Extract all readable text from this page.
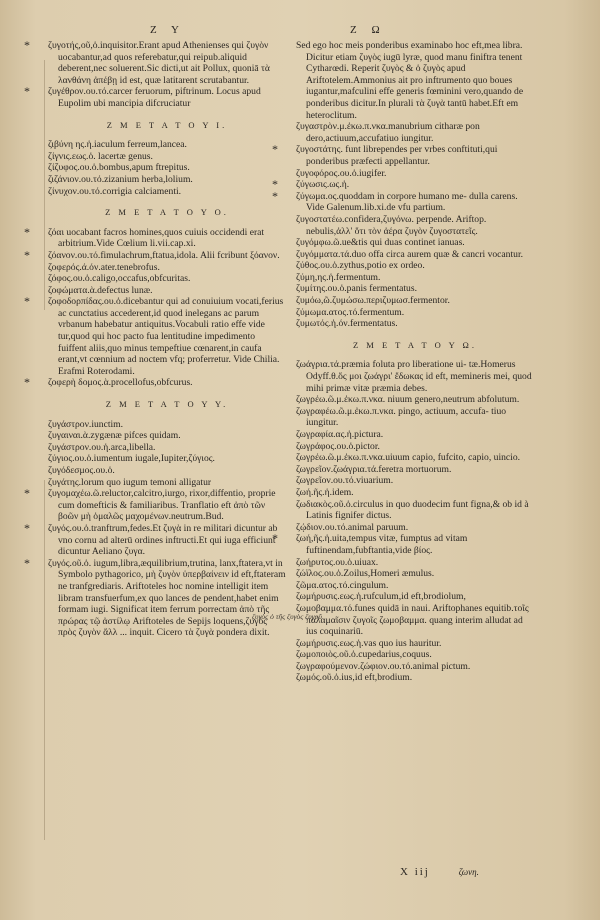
Z Y	Z Ω

* ζυγοτής,οῦ,ὁ.inquisitor.Erant apud Athenienses qui ζυγὸν uocabantur,ad quos referebatur,qui reipub.aliquid deberent,nec soluerent.Sic dicti,ut ait Pollux, quoniā τὰ λανθάνη ἀπέβῃ id est, quæ latitarent scrutabantur.

* ζυγέθρον.ου.τό.carcer feruorum, piftrinum. Locus apud Eupolim ubi mancipia difcruciatur

Z M E T A T O Y I.

ζιβύνη ης.ἡ.iaculum ferreum,lancea.

ζίγνις.εως.ὁ. lacertæ genus.

ζίζυφος.ου.ὁ.bombus,apum ftrepitus.

ζιζάνιον.ου.τό.zizanium herba,lolium.

ζίνυχον.ου.τό.corrigia calciamenti.

Z M E T A T O Y O.

* ζόαι uocabant facros homines,quos cuiuis occidendi erat arbitrium.Vide Cœlium li.vii.cap.xi.

* ζόανον.ου.τό.fimulachrum,ftatua,idola. Alii fcribunt ξόανον.

ζοφερός.ά.όν.ater.tenebrofus.

ζόφος.ου.ὁ.caligo,occafus,obfcuritas.

ζοφώματα.ὰ.defectus lunæ.

* ζοφοδορπίδας.ου.ὁ.dicebantur qui ad conuiuium vocati,ferius ac cunctatius accederent,id quod inelegans ac parum vrbanum habebatur antiquitus.Vocabuli ratio effe vide tur,quod qui hoc pacto fua lentitudine impedimento fuiffent aliis,quo minus tempeftiue cœnarent,in caufa erant,vt cœnnium ad noctem vfq; proferretur. Vide Chilia. Erafmi Roterodami.

* ζοφερὴ δομος.ὰ.procellofus,obfcurus.

Z M E T A T O Y Y.

ζυγάστρον.iunctim.

ζυγαιναι.ὰ.zygænæ pifces quidam.

ζυγάστρον.ου.ἡ.arca,libella.

ζύγιος.ου.ὁ.iumentum iugale,Iupiter,ζύγιος.

ζυγόδεσμος.ου.ὁ.

ζυγάτης.lorum quo iugum temoni alligatur

* ζυγομαχέω.ῶ.reluctor,calcitro,iurgo, rixor,diffentio, proprie cum domefticis & familiaribus. Tranflatio eft ἀπὸ τῶν βοῶν μὴ ὁμαλῶς μαχομένων.neutrum.Bud.

* ζυγός.ου.ὁ.tranftrum,fedes.Et ζυγὰ in re militari dicuntur ab vno cornu ad alterū ordines inftructi.Et qui iuga efficiunt dicuntur Aeliano ζυγα.

* ζυγός.οῦ.ὁ. iugum,libra,æquilibrium,trutina, lanx,ftatera,vt in Symbolo pythagorico, μὴ ζυγὸν ὑπερβαίνειν id eft,ftateram ne tranfgrediaris. Ariftoteles hoc nomine intelligit item libram transfuerfum,ex quo lances de pendent,habet enim formam iugi. Significat item ferrum porrectam ἀπὸ τῆς πρώρας τῷ ἀστίλῳ Ariftoteles de Sepijs loquens,ζυγὸς πρὸς ζυγὸν ἄλλ ... inquit. Cicero τὰ ζυγὰ pondera dixit.

ζυγὸς ὁ τῆς ζυγὸς ζυγοῦ

Sed ego hoc meis ponderibus examinabo hoc eft,mea libra. Dicitur etiam ζυγὸς iugū lyræ, quod manu finiftra tenent Cytharœdi. Reperit ζυγὸς & ὁ ζυγὸς apud Ariftotelem.Ammonius ait pro inftrumento quo boues iugantur,mafculini effe generis fœminini vero,quando de ponderibus dicitur.In plurali τὰ ζυγὰ tantū habet.Eft em heteroclitum.

ζυγαστρὸν.μ.ἐκω.π.νκα.manubrium citharæ pon dero,actiuum,accufatiuo iungitur.

* ζυγοστάτης. funt librependes per vrbes conftituti,qui ponderibus præfecti appellantur.

ζυγοφόρος.ου.ὁ.iugifer.

* ζύγωσις.ως.ἡ.

* ζύγωμα.ος.quoddam in corpore humano me- dulla carens. Vide Galenum.lib.xi.de vfu partium.

ζυγοστατέω.confidera,ζυγόνω. perpende. Ariftop. nebulis,ἀλλ' ὅτι τὸν ἀέρα ζυγὸν ζυγοστατεῖς.

ζυγόμφω.ῶ.ue&tis qui duas continet ianuas.

ζυγόμματα.τά.duo offa circa aurem quæ & cancri vocantur.

ζύθος.ου.ὁ.zythus,potio ex ordeo.

ζύμη,ης.ἡ.fermentum.

ζυμίτης.ου.ὁ.panis fermentatus.

ζυμόω,ῶ.ζυμώσω.περιζυμωσ.fermentor.

ζύμωμα.ατος.τό.fermentum.

ζυμωτός.ἡ.όν.fermentatus.

Z M E T A T O Y Ω.

ζωάγρια.τά.præmia foluta pro liberatione ui- tæ.Homerus Odyff.θ.ὅς μοι ζωάγρι' ἔδωκας id eft, memineris mei, quod mihi primæ vitæ præmia debes.

ζωγρέω.ῶ.μ.ἐκω.π.νκα. niuum genero,neutrum abfolutum.

ζωγραφέω.ῶ.μ.ἐκω.π.νκα. pingo, actiuum, accufa- tiuo iungitur.

ζωγραφία.ας.ἡ.pictura.

ζωγράφος.ου.ὁ.pictor.

ζωγρέω.ῶ.μ.ἐκω.π.νκα.uiuum capio, fufcito, capio, uincio.

ζωγρεῖον.ζωάγρια.τά.feretra mortuorum.

ζωγρεῖον.ου.τό.viuarium.

ζωή.ῆς.ἡ.idem.

ζωδιακὸς.οῦ.ὁ.circulus in quo duodecim funt figna,& ob id à Latinis fignifer dictus.

ζῴδιον.ου.τό.animal paruum.

* ζωή,ῆς.ἡ.uita,tempus vitæ, fumptus ad vitam fuftinendam,fubftantia,vide βίος.

ζωήρυτος.ου.ὁ.uiuax.

ζώϊλος.ου.ὁ.Zoilus,Homeri æmulus.

ζῶμα.ατος.τό.cingulum.

ζωμήρυσις.εως.ἡ.rufculum,id eft,brodiolum,

ζωμοβαμμα.τό.funes quidā in naui. Ariftophanes equitib.τοῖς παλαμαῖσιν ζυγοῖς ζωμοβαμμα. quang interim alludat ad ius coquinariū.

ζωμήρυσις.εως.ἡ.vas quo ius hauritur.

ζωμοποιὸς.οῦ.ὁ.cupedarius,coquus.

ζωγραφούμενον.ζώφιον.ου.τό.animal pictum.

ζωμός.οῦ.ὁ.ius,id eft,brodium.

X iij	ζωνη.
